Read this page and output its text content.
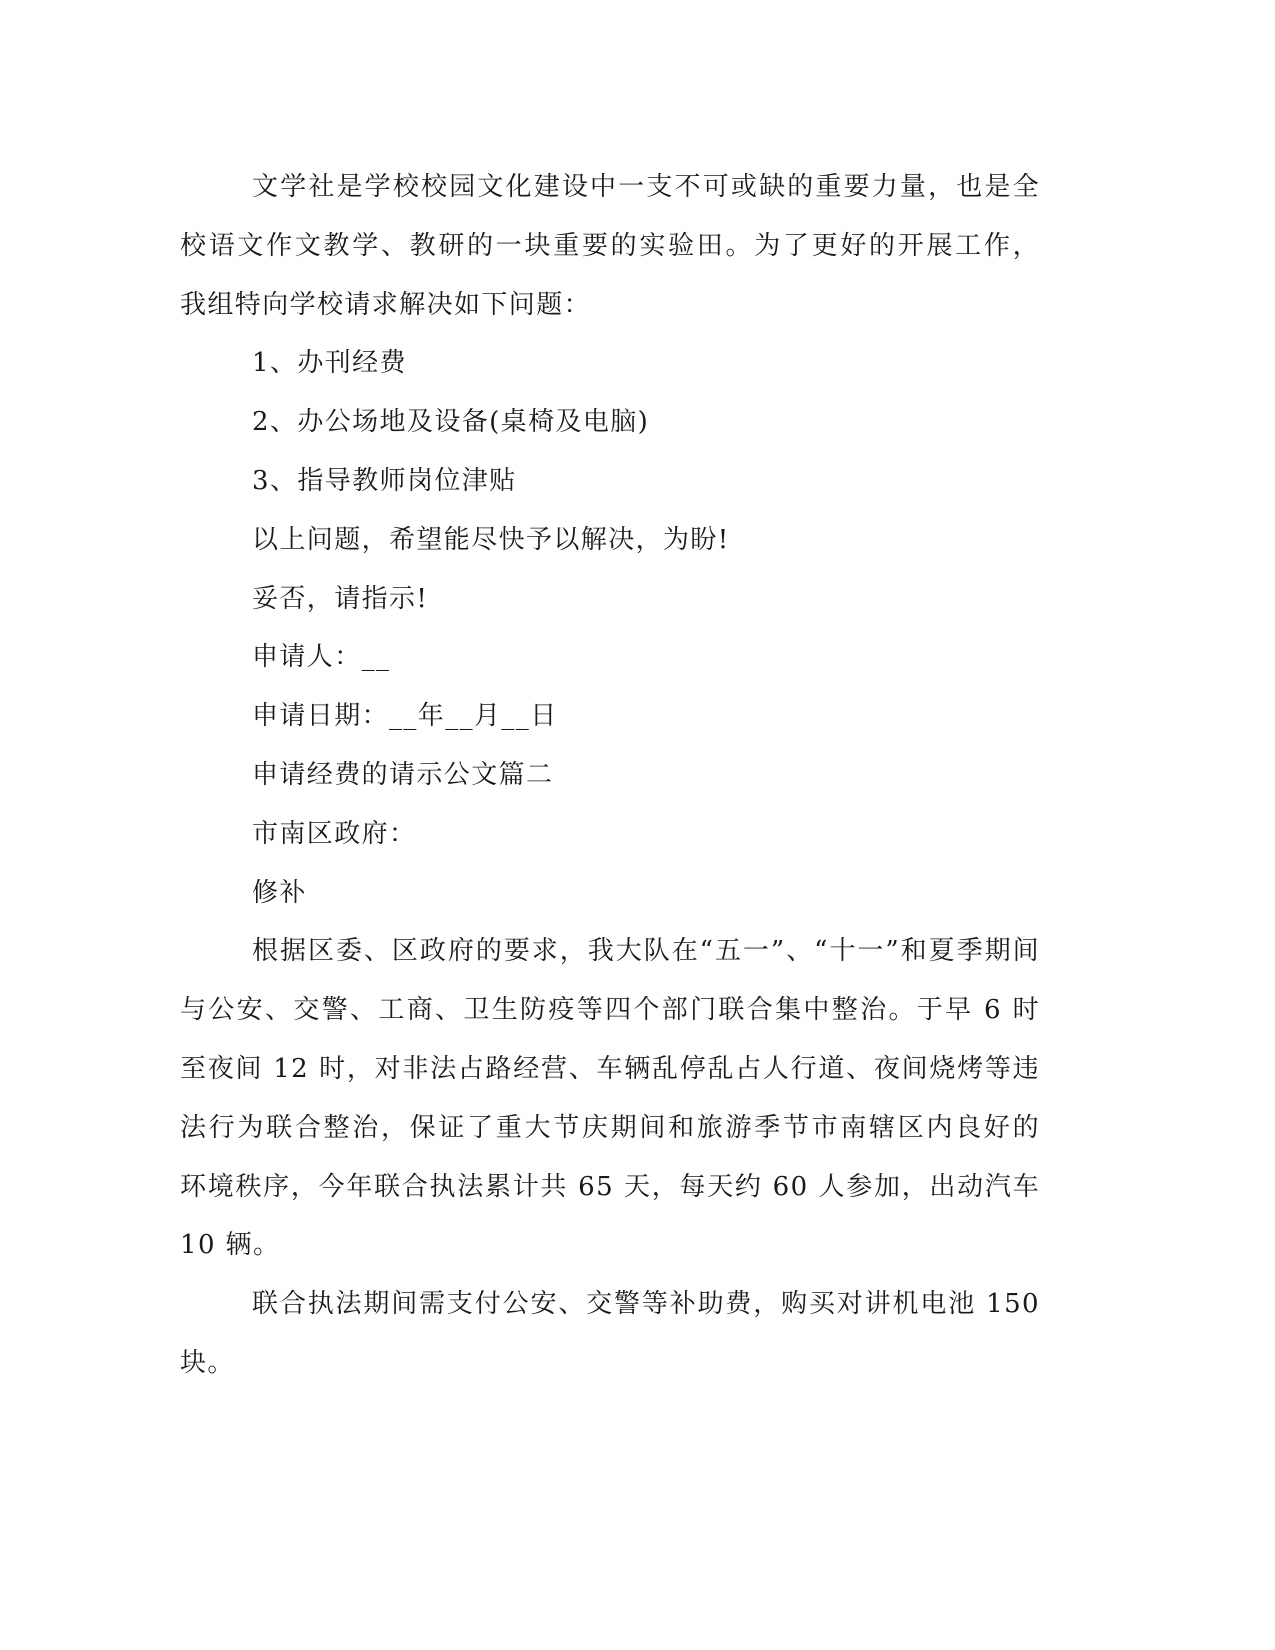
文学社是学校校园文化建设中一支不可或缺的重要力量，也是全
校语文作文教学、教研的一块重要的实验田。为了更好的开展工作，
我组特向学校请求解决如下问题：
1、办刊经费
2、办公场地及设备(桌椅及电脑)
3、指导教师岗位津贴
以上问题，希望能尽快予以解决，为盼!
妥否，请指示!
申请人：__
申请日期：__年__月__日
申请经费的请示公文篇二
市南区政府：
修补
根据区委、区政府的要求，我大队在“五一”、“十一”和夏季期间
与公安、交警、工商、卫生防疫等四个部门联合集中整治。于早 6 时
至夜间 12 时，对非法占路经营、车辆乱停乱占人行道、夜间烧烤等违
法行为联合整治，保证了重大节庆期间和旅游季节市南辖区内良好的
环境秩序，今年联合执法累计共 65 天，每天约 60 人参加，出动汽车
10 辆。
联合执法期间需支付公安、交警等补助费，购买对讲机电池 150
块。
